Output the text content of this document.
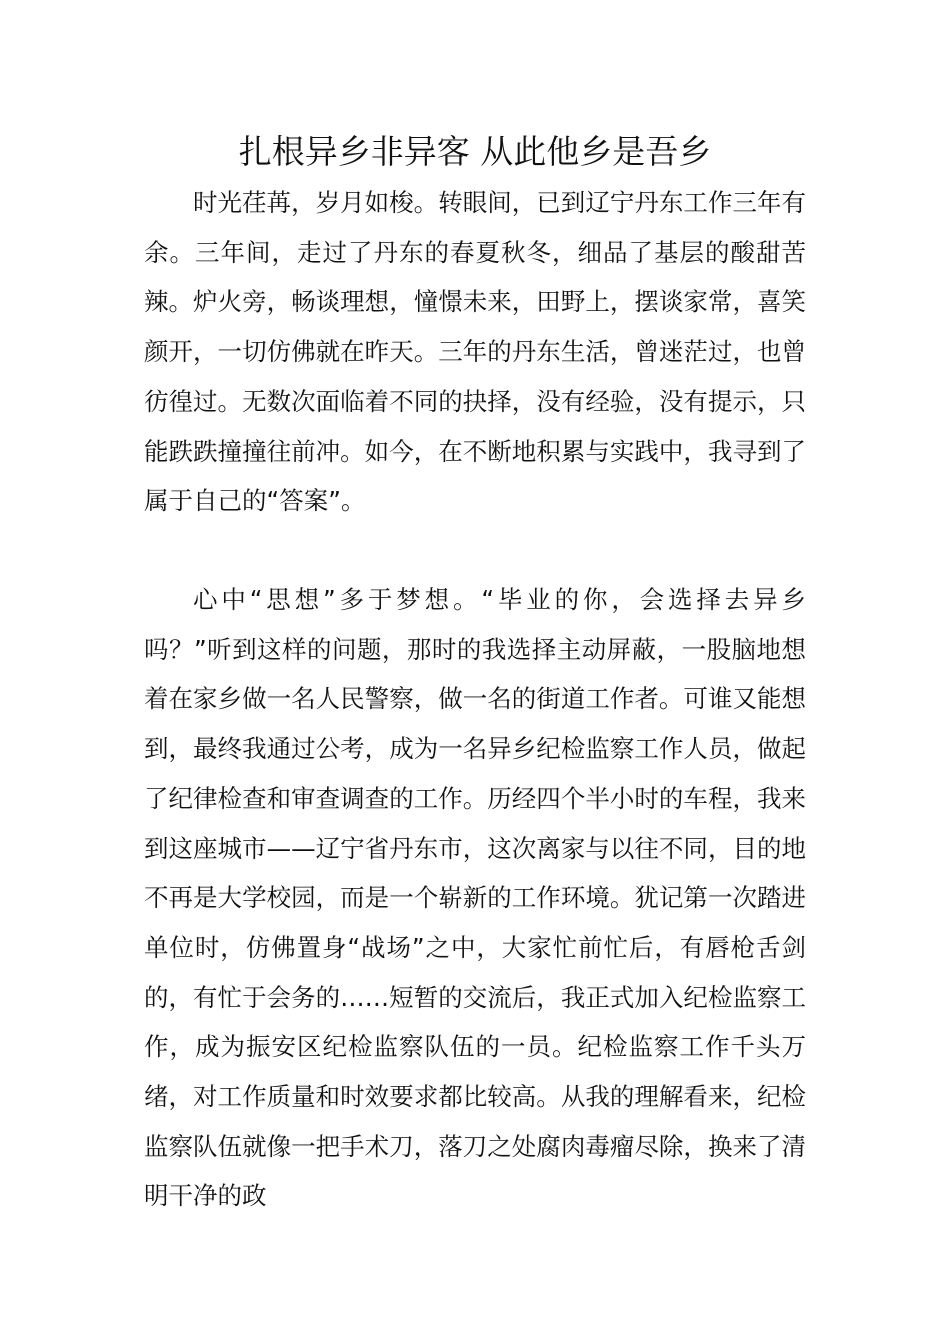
扎根异乡非异客 从此他乡是吾乡

时光荏苒，岁月如梭。转眼间，已到辽宁丹东工作三年有余。三年间，走过了丹东的春夏秋冬，细品了基层的酸甜苦辣。炉火旁，畅谈理想，憧憬未来，田野上，摆谈家常，喜笑颜开，一切仿佛就在昨天。三年的丹东生活，曾迷茫过，也曾彷徨过。无数次面临着不同的抉择，没有经验，没有提示，只能跌跌撞撞往前冲。如今，在不断地积累与实践中，我寻到了属于自己的“答案”。

心中“思想”多于梦想。“毕业的你，会选择去异乡吗？”听到这样的问题，那时的我选择主动屏蔽，一股脑地想着在家乡做一名人民警察，做一名的街道工作者。可谁又能想到，最终我通过公考，成为一名异乡纪检监察工作人员，做起了纪律检查和审查调查的工作。历经四个半小时的车程，我来到这座城市——辽宁省丹东市，这次离家与以往不同，目的地不再是大学校园，而是一个崭新的工作环境。犹记第一次踏进单位时，仿佛置身“战场”之中，大家忙前忙后，有唇枪舌剑的，有忙于会务的……短暂的交流后，我正式加入纪检监察工作，成为振安区纪检监察队伍的一员。纪检监察工作千头万绪，对工作质量和时效要求都比较高。从我的理解看来，纪检监察队伍就像一把手术刀，落刀之处腐肉毒瘤尽除，换来了清明干净的政
